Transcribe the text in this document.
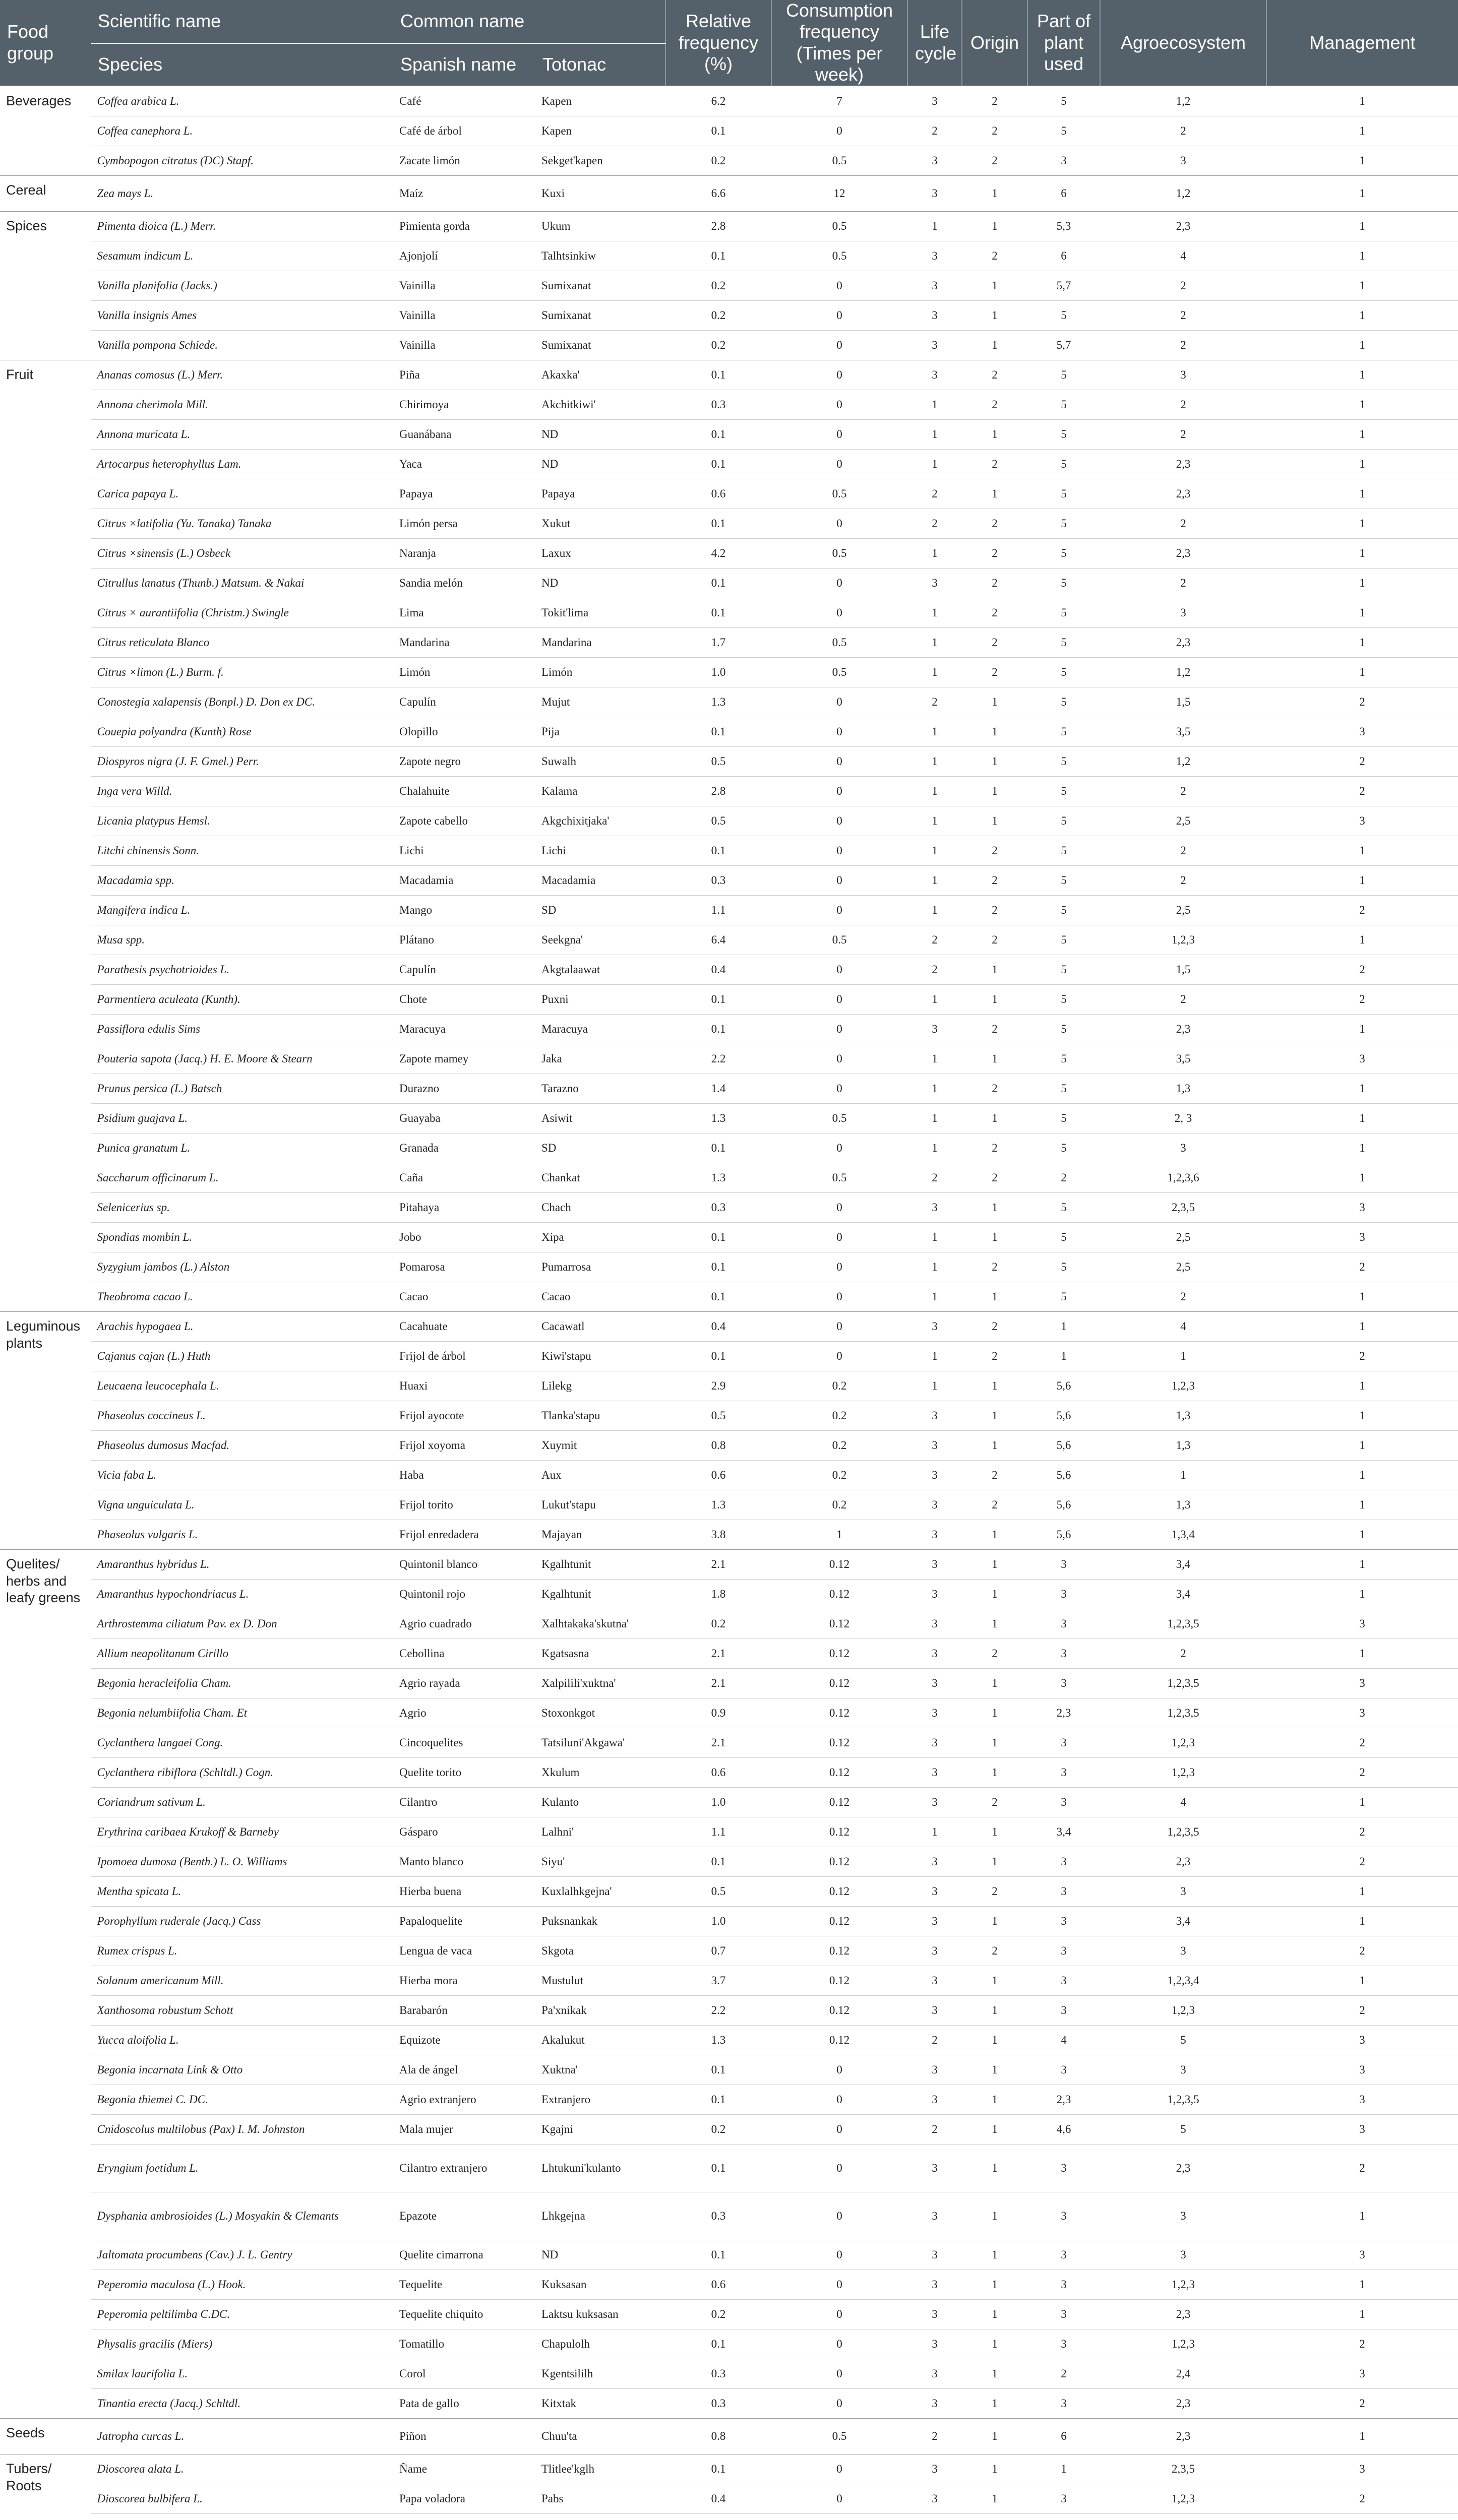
Food group	Scientific name	Common name		Relative frequency (%)	Consumption frequency (Times per week)	Life cycle	Origin	Part of plant used	Agroecosystem	Management
	Species	Spanish name	Totonac							
Beverages	Coffea arabica L.	Café	Kapen	6.2	7	3	2	5	1,2	1
	Coffea canephora L.	Café de árbol	Kapen	0.1	0	2	2	5	2	1
	Cymbopogon citratus (DC) Stapf.	Zacate limón	Sekget'kapen	0.2	0.5	3	2	3	3	1
Cereal	Zea mays L.	Maíz	Kuxi	6.6	12	3	1	6	1,2	1
Spices	Pimenta dioica (L.) Merr.	Pimienta gorda	Ukum	2.8	0.5	1	1	5,3	2,3	1
	Sesamum indicum L.	Ajonjolí	Talhtsinkiw	0.1	0.5	3	2	6	4	1
	Vanilla planifolia (Jacks.)	Vainilla	Sumixanat	0.2	0	3	1	5,7	2	1
	Vanilla insignis Ames	Vainilla	Sumixanat	0.2	0	3	1	5	2	1
	Vanilla pompona Schiede.	Vainilla	Sumixanat	0.2	0	3	1	5,7	2	1
Fruit	Ananas comosus (L.) Merr.	Piña	Akaxka'	0.1	0	3	2	5	3	1
	Annona cherimola Mill.	Chirimoya	Akchitkiwi'	0.3	0	1	2	5	2	1
	Annona muricata L.	Guanábana	ND	0.1	0	1	1	5	2	1
	Artocarpus heterophyllus Lam.	Yaca	ND	0.1	0	1	2	5	2,3	1
	Carica papaya L.	Papaya	Papaya	0.6	0.5	2	1	5	2,3	1
	Citrus ×latifolia (Yu. Tanaka) Tanaka	Limón persa	Xukut	0.1	0	2	2	5	2	1
	Citrus ×sinensis (L.) Osbeck	Naranja	Laxux	4.2	0.5	1	2	5	2,3	1
	Citrullus lanatus (Thunb.) Matsum. & Nakai	Sandia melón	ND	0.1	0	3	2	5	2	1
	Citrus × aurantiifolia (Christm.) Swingle	Lima	Tokit'lima	0.1	0	1	2	5	3	1
	Citrus reticulata Blanco	Mandarina	Mandarina	1.7	0.5	1	2	5	2,3	1
	Citrus ×limon (L.) Burm. f.	Limón	Limón	1.0	0.5	1	2	5	1,2	1
	Conostegia xalapensis (Bonpl.) D. Don ex DC.	Capulín	Mujut	1.3	0	2	1	5	1,5	2
	Couepia polyandra (Kunth) Rose	Olopillo	Pija	0.1	0	1	1	5	3,5	3
	Diospyros nigra (J. F. Gmel.) Perr.	Zapote negro	Suwalh	0.5	0	1	1	5	1,2	2
	Inga vera Willd.	Chalahuite	Kalama	2.8	0	1	1	5	2	2
	Licania platypus Hemsl.	Zapote cabello	Akgchixitjaka'	0.5	0	1	1	5	2,5	3
	Litchi chinensis Sonn.	Lichi	Lichi	0.1	0	1	2	5	2	1
	Macadamia spp.	Macadamia	Macadamia	0.3	0	1	2	5	2	1
	Mangifera indica L.	Mango	SD	1.1	0	1	2	5	2,5	2
	Musa spp.	Plátano	Seekgna'	6.4	0.5	2	2	5	1,2,3	1
	Parathesis psychotrioides L.	Capulín	Akgtalaawat	0.4	0	2	1	5	1,5	2
	Parmentiera aculeata (Kunth).	Chote	Puxni	0.1	0	1	1	5	2	2
	Passiflora edulis Sims	Maracuya	Maracuya	0.1	0	3	2	5	2,3	1
	Pouteria sapota (Jacq.) H. E. Moore & Stearn	Zapote mamey	Jaka	2.2	0	1	1	5	3,5	3
	Prunus persica (L.) Batsch	Durazno	Tarazno	1.4	0	1	2	5	1,3	1
	Psidium guajava L.	Guayaba	Asiwit	1.3	0.5	1	1	5	2, 3	1
	Punica granatum L.	Granada	SD	0.1	0	1	2	5	3	1
	Saccharum officinarum L.	Caña	Chankat	1.3	0.5	2	2	2	1,2,3,6	1
	Selenicerius sp.	Pitahaya	Chach	0.3	0	3	1	5	2,3,5	3
	Spondias mombin L.	Jobo	Xipa	0.1	0	1	1	5	2,5	3
	Syzygium jambos (L.) Alston	Pomarosa	Pumarrosa	0.1	0	1	2	5	2,5	2
	Theobroma cacao L.	Cacao	Cacao	0.1	0	1	1	5	2	1
Leguminous plants	Arachis hypogaea L.	Cacahuate	Cacawatl	0.4	0	3	2	1	4	1
	Cajanus cajan (L.) Huth	Frijol de árbol	Kiwi'stapu	0.1	0	1	2	1	1	2
	Leucaena leucocephala L.	Huaxi	Lilekg	2.9	0.2	1	1	5,6	1,2,3	1
	Phaseolus coccineus L.	Frijol ayocote	Tlanka'stapu	0.5	0.2	3	1	5,6	1,3	1
	Phaseolus dumosus Macfad.	Frijol xoyoma	Xuymit	0.8	0.2	3	1	5,6	1,3	1
	Vicia faba L.	Haba	Aux	0.6	0.2	3	2	5,6	1	1
	Vigna unguiculata L.	Frijol torito	Lukut'stapu	1.3	0.2	3	2	5,6	1,3	1
	Phaseolus vulgaris L.	Frijol enredadera	Majayan	3.8	1	3	1	5,6	1,3,4	1
Quelites/ herbs and leafy greens	Amaranthus hybridus L.	Quintonil blanco	Kgalhtunit	2.1	0.12	3	1	3	3,4	1
	Amaranthus hypochondriacus L.	Quintonil rojo	Kgalhtunit	1.8	0.12	3	1	3	3,4	1
	Arthrostemma ciliatum Pav. ex D. Don	Agrio cuadrado	Xalhtakaka'skutna'	0.2	0.12	3	1	3	1,2,3,5	3
	Allium neapolitanum Cirillo	Cebollina	Kgatsasna	2.1	0.12	3	2	3	2	1
	Begonia heracleifolia Cham.	Agrio rayada	Xalpilili'xuktna'	2.1	0.12	3	1	3	1,2,3,5	3
	Begonia nelumbiifolia Cham. Et	Agrio	Stoxonkgot	0.9	0.12	3	1	2,3	1,2,3,5	3
	Cyclanthera langaei Cong.	Cincoquelites	Tatsiluni'Akgawa'	2.1	0.12	3	1	3	1,2,3	2
	Cyclanthera ribiflora (Schltdl.) Cogn.	Quelite torito	Xkulum	0.6	0.12	3	1	3	1,2,3	2
	Coriandrum sativum L.	Cilantro	Kulanto	1.0	0.12	3	2	3	4	1
	Erythrina caribaea Krukoff & Barneby	Gásparo	Lalhni'	1.1	0.12	1	1	3,4	1,2,3,5	2
	Ipomoea dumosa (Benth.) L. O. Williams	Manto blanco	Siyu'	0.1	0.12	3	1	3	2,3	2
	Mentha spicata L.	Hierba buena	Kuxlalhkgejna'	0.5	0.12	3	2	3	3	1
	Porophyllum ruderale (Jacq.) Cass	Papaloquelite	Puksnankak	1.0	0.12	3	1	3	3,4	1
	Rumex crispus L.	Lengua de vaca	Skgota	0.7	0.12	3	2	3	3	2
	Solanum americanum Mill.	Hierba mora	Mustulut	3.7	0.12	3	1	3	1,2,3,4	1
	Xanthosoma robustum Schott	Barabarón	Pa'xnikak	2.2	0.12	3	1	3	1,2,3	2
	Yucca aloifolia L.	Equizote	Akalukut	1.3	0.12	2	1	4	5	3
	Begonia incarnata Link & Otto	Ala de ángel	Xuktna'	0.1	0	3	1	3	3	3
	Begonia thiemei C. DC.	Agrio extranjero	Extranjero	0.1	0	3	1	2,3	1,2,3,5	3
	Cnidoscolus multilobus (Pax) I. M. Johnston	Mala mujer	Kgajni	0.2	0	2	1	4,6	5	3
	Eryngium foetidum L.	Cilantro extranjero	Lhtukuni'kulanto	0.1	0	3	1	3	2,3	2
	Dysphania ambrosioides (L.) Mosyakin & Clemants	Epazote	Lhkgejna	0.3	0	3	1	3	3	1
	Jaltomata procumbens (Cav.) J. L. Gentry	Quelite cimarrona	ND	0.1	0	3	1	3	3	3
	Peperomia maculosa (L.) Hook.	Tequelite	Kuksasan	0.6	0	3	1	3	1,2,3	1
	Peperomia peltilimba C.DC.	Tequelite chiquito	Laktsu kuksasan	0.2	0	3	1	3	2,3	1
	Physalis gracilis (Miers)	Tomatillo	Chapulolh	0.1	0	3	1	3	1,2,3	2
	Smilax laurifolia L.	Corol	Kgentsililh	0.3	0	3	1	2	2,4	3
	Tinantia erecta (Jacq.) Schltdl.	Pata de gallo	Kitxtak	0.3	0	3	1	3	2,3	2
Seeds	Jatropha curcas L.	Piñon	Chuu'ta	0.8	0.5	2	1	6	2,3	1
Tubers/ Roots	Dioscorea alata L.	Ñame	Tlitlee'kglh	0.1	0	3	1	1	2,3,5	3
	Dioscorea bulbifera L.	Papa voladora	Pabs	0.4	0	3	1	3	1,2,3	2
